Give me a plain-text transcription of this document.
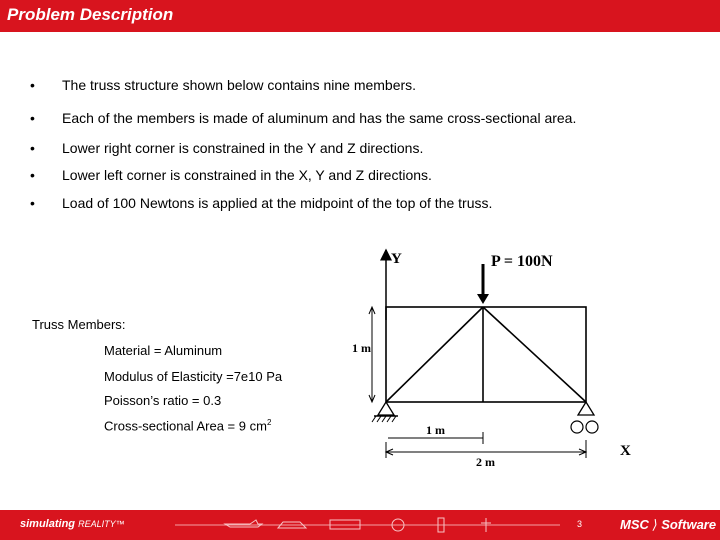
Problem Description
• The truss structure shown below contains nine members.
• Each of the members is made of aluminum and has the same cross-sectional area.
• Lower right corner is constrained in the Y and Z directions.
• Lower left corner is constrained in the X, Y and Z directions.
• Load of 100 Newtons is applied at the midpoint of the top of the truss.
Truss Members:
Material = Aluminum
Modulus of Elasticity =7e10 Pa
Poisson’s ratio = 0.3
Cross-sectional Area = 9 $cm^2$
Y	P = 100N
1 m
1 m
2 m
X
simulating REALITY™	3	MSC ⟩ Software
